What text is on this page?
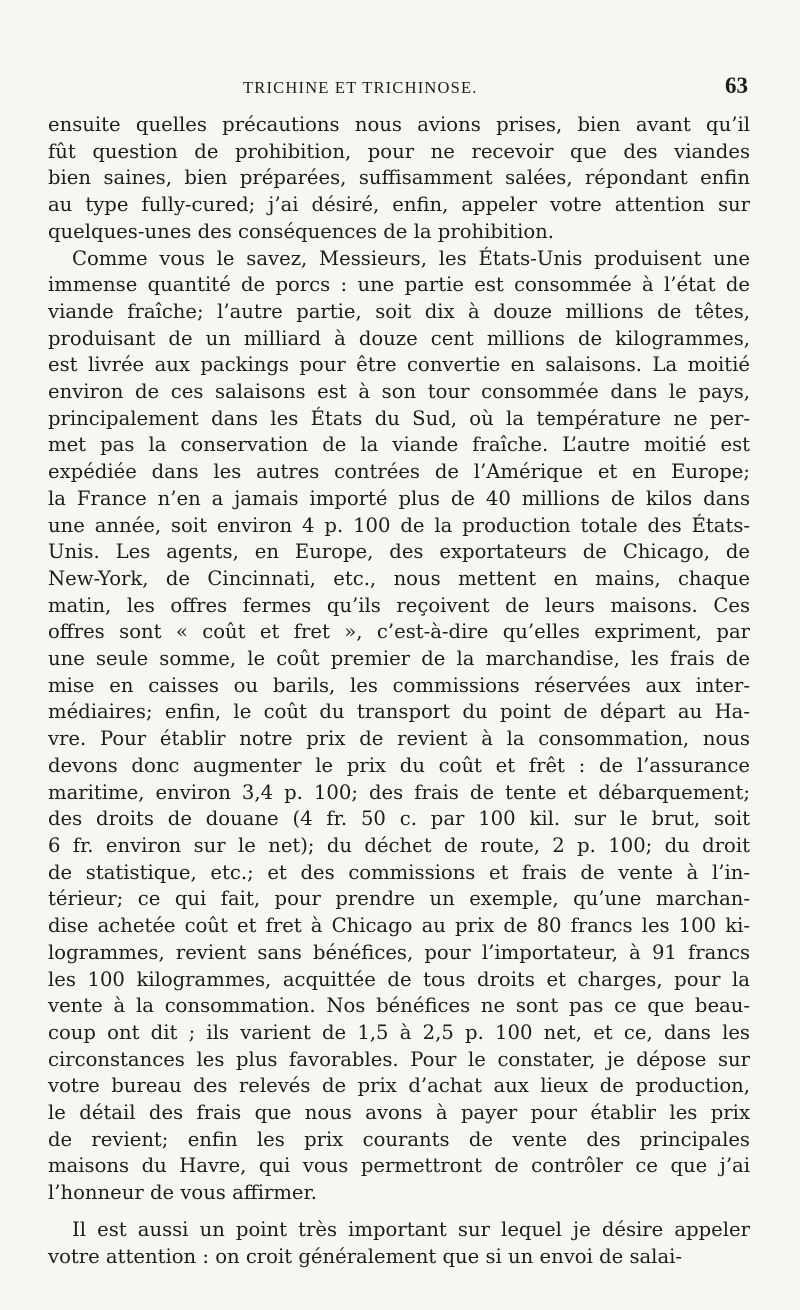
TRICHINE ET TRICHINOSE.	63
ensuite quelles précautions nous avions prises, bien avant qu’il
fût question de prohibition, pour ne recevoir que des viandes
bien saines, bien préparées, suffisamment salées, répondant enfin
au type fully-cured; j’ai désiré, enfin, appeler votre attention sur
quelques-unes des conséquences de la prohibition.
Comme vous le savez, Messieurs, les États-Unis produisent une
immense quantité de porcs : une partie est consommée à l’état de
viande fraîche; l’autre partie, soit dix à douze millions de têtes,
produisant de un milliard à douze cent millions de kilogrammes,
est livrée aux packings pour être convertie en salaisons. La moitié
environ de ces salaisons est à son tour consommée dans le pays,
principalement dans les États du Sud, où la température ne per-
met pas la conservation de la viande fraîche. L’autre moitié est
expédiée dans les autres contrées de l’Amérique et en Europe;
la France n’en a jamais importé plus de 40 millions de kilos dans
une année, soit environ 4 p. 100 de la production totale des États-
Unis. Les agents, en Europe, des exportateurs de Chicago, de
New-York, de Cincinnati, etc., nous mettent en mains, chaque
matin, les offres fermes qu’ils reçoivent de leurs maisons. Ces
offres sont « coût et fret », c’est-à-dire qu’elles expriment, par
une seule somme, le coût premier de la marchandise, les frais de
mise en caisses ou barils, les commissions réservées aux inter-
médiaires; enfin, le coût du transport du point de départ au Ha-
vre. Pour établir notre prix de revient à la consommation, nous
devons donc augmenter le prix du coût et frêt : de l’assurance
maritime, environ 3,4 p. 100; des frais de tente et débarquement;
des droits de douane (4 fr. 50 c. par 100 kil. sur le brut, soit
6 fr. environ sur le net); du déchet de route, 2 p. 100; du droit
de statistique, etc.; et des commissions et frais de vente à l’in-
térieur; ce qui fait, pour prendre un exemple, qu’une marchan-
dise achetée coût et fret à Chicago au prix de 80 francs les 100 ki-
logrammes, revient sans bénéfices, pour l’importateur, à 91 francs
les 100 kilogrammes, acquittée de tous droits et charges, pour la
vente à la consommation. Nos bénéfices ne sont pas ce que beau-
coup ont dit ; ils varient de 1,5 à 2,5 p. 100 net, et ce, dans les
circonstances les plus favorables. Pour le constater, je dépose sur
votre bureau des relevés de prix d’achat aux lieux de production,
le détail des frais que nous avons à payer pour établir les prix
de revient; enfin les prix courants de vente des principales
maisons du Havre, qui vous permettront de contrôler ce que j’ai
l’honneur de vous affirmer.
Il est aussi un point très important sur lequel je désire appeler
votre attention : on croit généralement que si un envoi de salai-
